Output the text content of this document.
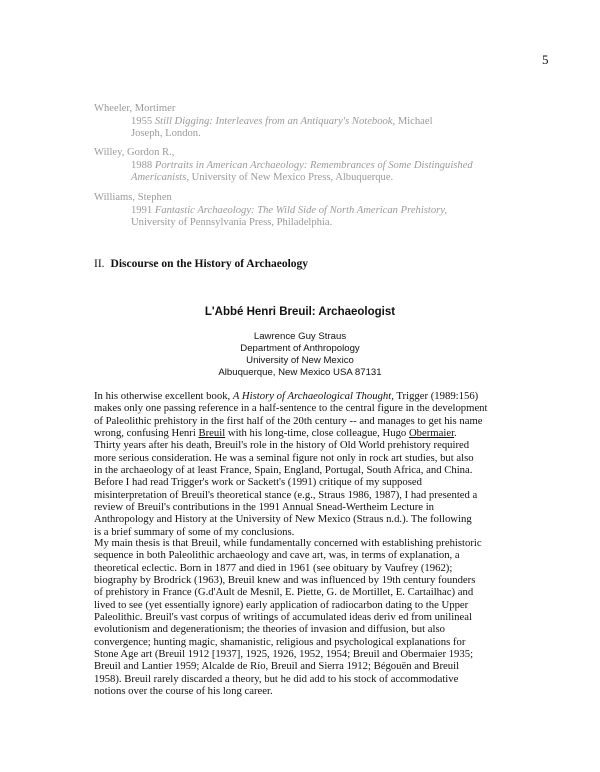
5
Wheeler, Mortimer
1955 Still Digging: Interleaves from an Antiquary's Notebook, Michael
Joseph, London.
Willey, Gordon R.,
1988 Portraits in American Archaeology: Remembrances of Some Distinguished
Americanists, University of New Mexico Press, Albuquerque.
Williams, Stephen
1991 Fantastic Archaeology: The Wild Side of North American Prehistory,
University of Pennsylvania Press, Philadelphia.
II. Discourse on the History of Archaeology
L'Abbé Henri Breuil: Archaeologist
Lawrence Guy Straus
Department of Anthropology
University of New Mexico
Albuquerque, New Mexico USA 87131
In his otherwise excellent book, A History of Archaeological Thought, Trigger (1989:156)
makes only one passing reference in a half-sentence to the central figure in the development
of Paleolithic prehistory in the first half of the 20th century -- and manages to get his name
wrong, confusing Henri Breuil with his long-time, close colleague, Hugo Obermaier.
Thirty years after his death, Breuil's role in the history of Old World prehistory required
more serious consideration. He was a seminal figure not only in rock art studies, but also
in the archaeology of at least France, Spain, England, Portugal, South Africa, and China.
Before I had read Trigger's work or Sackett's (1991) critique of my supposed
misinterpretation of Breuil's theoretical stance (e.g., Straus 1986, 1987), I had presented a
review of Breuil's contributions in the 1991 Annual Snead-Wertheim Lecture in
Anthropology and History at the University of New Mexico (Straus n.d.). The following
is a brief summary of some of my conclusions.
My main thesis is that Breuil, while fundamentally concerned with establishing prehistoric
sequence in both Paleolithic archaeology and cave art, was, in terms of explanation, a
theoretical eclectic. Born in 1877 and died in 1961 (see obituary by Vaufrey (1962);
biography by Brodrick (1963), Breuil knew and was influenced by 19th century founders
of prehistory in France (G.d'Ault de Mesnil, E. Piette, G. de Mortillet, E. Cartailhac) and
lived to see (yet essentially ignore) early application of radiocarbon dating to the Upper
Paleolithic. Breuil's vast corpus of writings of accumulated ideas deriv ed from unilineal
evolutionism and degenerationism; the theories of invasion and diffusion, but also
convergence; hunting magic, shamanistic, religious and psychological explanations for
Stone Age art (Breuil 1912 [1937], 1925, 1926, 1952, 1954; Breuil and Obermaier 1935;
Breuil and Lantier 1959; Alcalde de Río, Breuil and Sierra 1912; Bégouën and Breuil
1958). Breuil rarely discarded a theory, but he did add to his stock of accommodative
notions over the course of his long career.
